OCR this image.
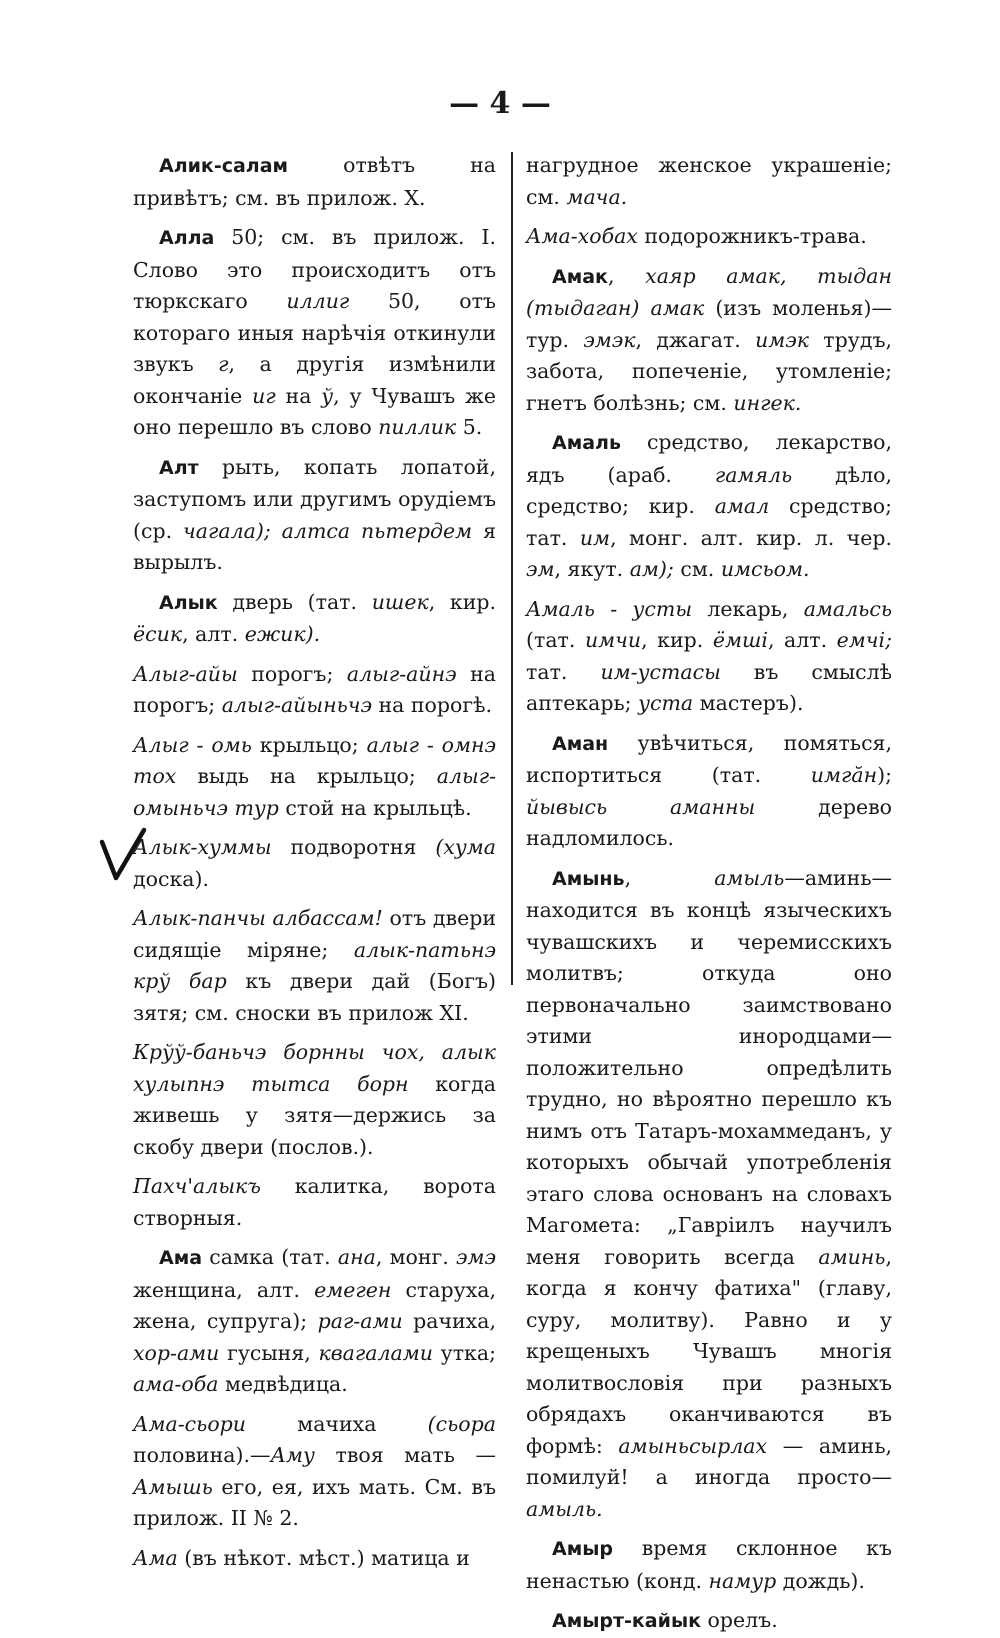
— 4 —

Алик-салам отвѣтъ на привѣтъ; см. въ прилож. X.

Алла 50; см. въ прилож. I. Слово это происходитъ отъ тюркскаго иллиг 50, отъ котораго иныя нарѣчія откинули звукъ г, а другія измѣнили окончаніе иг на ў, у Чувашъ же оно перешло въ слово пиллик 5.

Алт рыть, копать лопатой, заступомъ или другимъ орудіемъ (ср. чагала); алтса пьтердем я вырылъ.

Алык дверь (тат. ишек, кир. ёсик, алт. ежик).

Алыг-айы порогъ; алыг-айнэ на порогъ; алыг-айыньчэ на порогѣ.

Алыг - омь крыльцо; алыг - омнэ тох выдь на крыльцо; алыг-омыньчэ тур стой на крыльцѣ.

Алык-хуммы подворотня (хума доска).

Алык-панчы албассам! отъ двери сидящіе міряне; алык-патьнэ крў бар къ двери дай (Богъ) зятя; см. сноски въ прилож XI.

Крўў-баньчэ борнны чох, алык хулыпнэ тытса борн когда живешь у зятя—держись за скобу двери (послов.).

Пахч'алыкъ калитка, ворота створныя.

Ама самка (тат. ана, монг. эмэ женщина, алт. емеген старуха, жена, супруга); раг-ами рачиха, хор-ами гусыня, квагалами утка; ама-оба медвѣдица.

Ама-сьори мачиха (сьора половина).—Аму твоя мать —Амышь его, ея, ихъ мать. См. въ прилож. II № 2.

Ама (въ нѣкот. мѣст.) матица и

нагрудное женское украшеніе; см. мача.

Ама-хобах подорожникъ-трава.

Амак, хаяр амак, тыдан (тыдаган) амак (изъ моленья)—тур. эмэк, джагат. имэк трудъ, забота, попеченіе, утомленіе; гнетъ болѣзнь; см. ингек.

Амаль средство, лекарство, ядъ (араб. гамяль дѣло, средство; кир. амал средство; тат. им, монг. алт. кир. л. чер. эм, якут. ам); см. имсьом.

Амаль - усты лекарь, амальсь (тат. имчи, кир. ёмші, алт. емчі; тат. им-устасы въ смыслѣ аптекарь; уста мастеръ).

Аман увѣчиться, помяться, испортиться (тат. имгăн); йывысь аманны дерево надломилось.

Амынь, амыль—аминь—находится въ концѣ языческихъ чувашскихъ и черемисскихъ молитвъ; откуда оно первоначально заимствовано этими инородцами—положительно опредѣлить трудно, но вѣроятно перешло къ нимъ отъ Татаръ-мохаммеданъ, у которыхъ обычай употребленія этаго слова основанъ на словахъ Магомета: „Гавріилъ научилъ меня говорить всегда аминь, когда я кончу фатиха" (главу, суру, молитву). Равно и у крещеныхъ Чувашъ многія молитвословія при разныхъ обрядахъ оканчиваются въ формѣ: амыньсырлах — аминь, помилуй! а иногда просто—амыль.

Амыр время склонное къ ненастью (конд. намур дождь).

Амырт-кайык орелъ.
